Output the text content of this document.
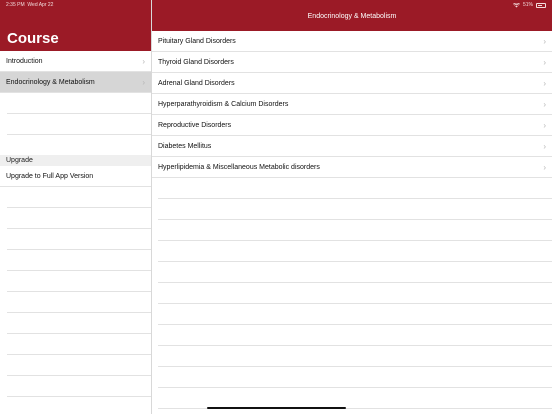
2:35 PM Wed Apr 22	51%
Course
Introduction	›
Endocrinology & Metabolism	›
Upgrade
Upgrade to Full App Version
Endocrinology & Metabolism
Pituitary Gland Disorders	›
Thyroid Gland Disorders	›
Adrenal Gland Disorders	›
Hyperparathyroidism & Calcium Disorders	›
Reproductive Disorders	›
Diabetes Mellitus	›
Hyperlipidemia & Miscellaneous Metabolic disorders	›
